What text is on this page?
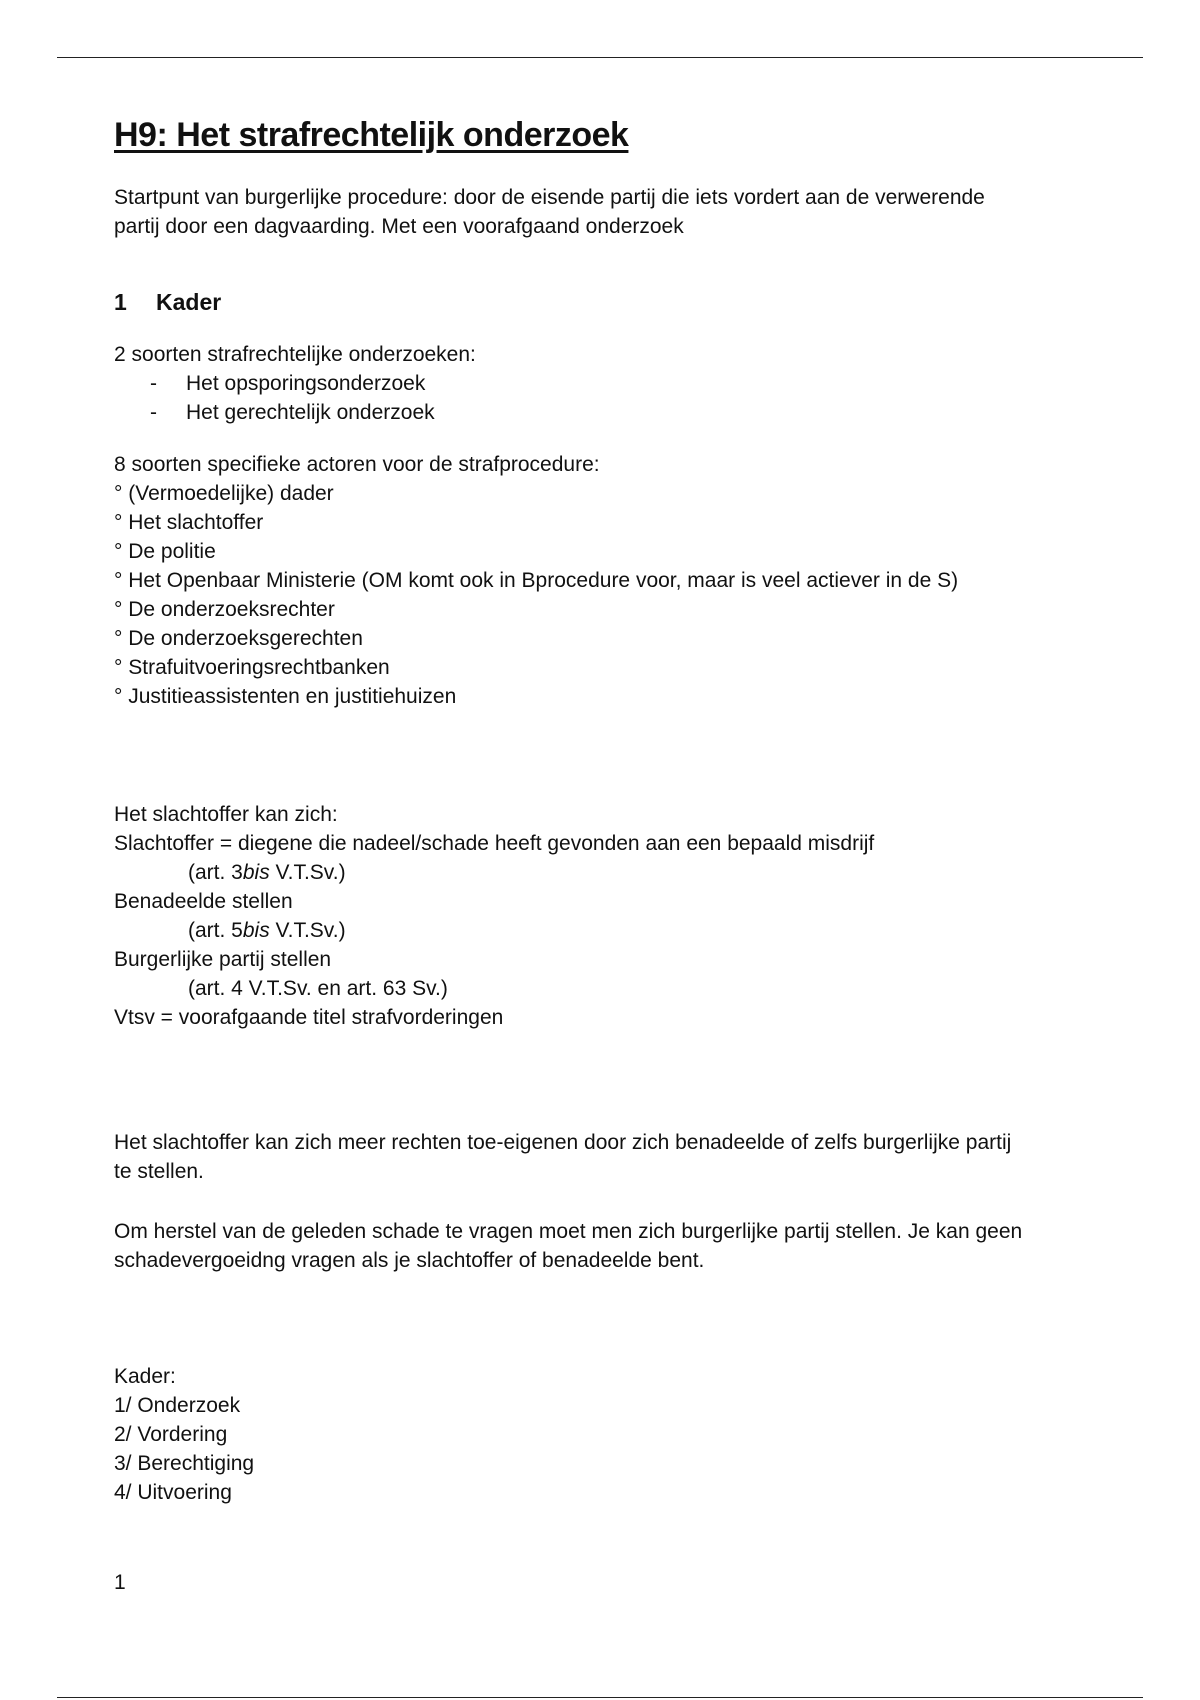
H9: Het strafrechtelijk onderzoek
Startpunt van burgerlijke procedure: door de eisende partij die iets vordert aan de verwerende
partij door een dagvaarding. Met een voorafgaand onderzoek
1 Kader
2 soorten strafrechtelijke onderzoeken:
- Het opsporingsonderzoek
- Het gerechtelijk onderzoek
8 soorten specifieke actoren voor de strafprocedure:
° (Vermoedelijke) dader
° Het slachtoffer
° De politie
° Het Openbaar Ministerie (OM komt ook in Bprocedure voor, maar is veel actiever in de S)
° De onderzoeksrechter
° De onderzoeksgerechten
° Strafuitvoeringsrechtbanken
° Justitieassistenten en justitiehuizen
Het slachtoffer kan zich:
Slachtoffer = diegene die nadeel/schade heeft gevonden aan een bepaald misdrijf
(art. 3bis V.T.Sv.)
Benadeelde stellen
(art. 5bis V.T.Sv.)
Burgerlijke partij stellen
(art. 4 V.T.Sv. en art. 63 Sv.)
Vtsv = voorafgaande titel strafvorderingen
Het slachtoffer kan zich meer rechten toe-eigenen door zich benadeelde of zelfs burgerlijke partij
te stellen.
Om herstel van de geleden schade te vragen moet men zich burgerlijke partij stellen. Je kan geen
schadevergoeidng vragen als je slachtoffer of benadeelde bent.
Kader:
1/ Onderzoek
2/ Vordering
3/ Berechtiging
4/ Uitvoering
1
